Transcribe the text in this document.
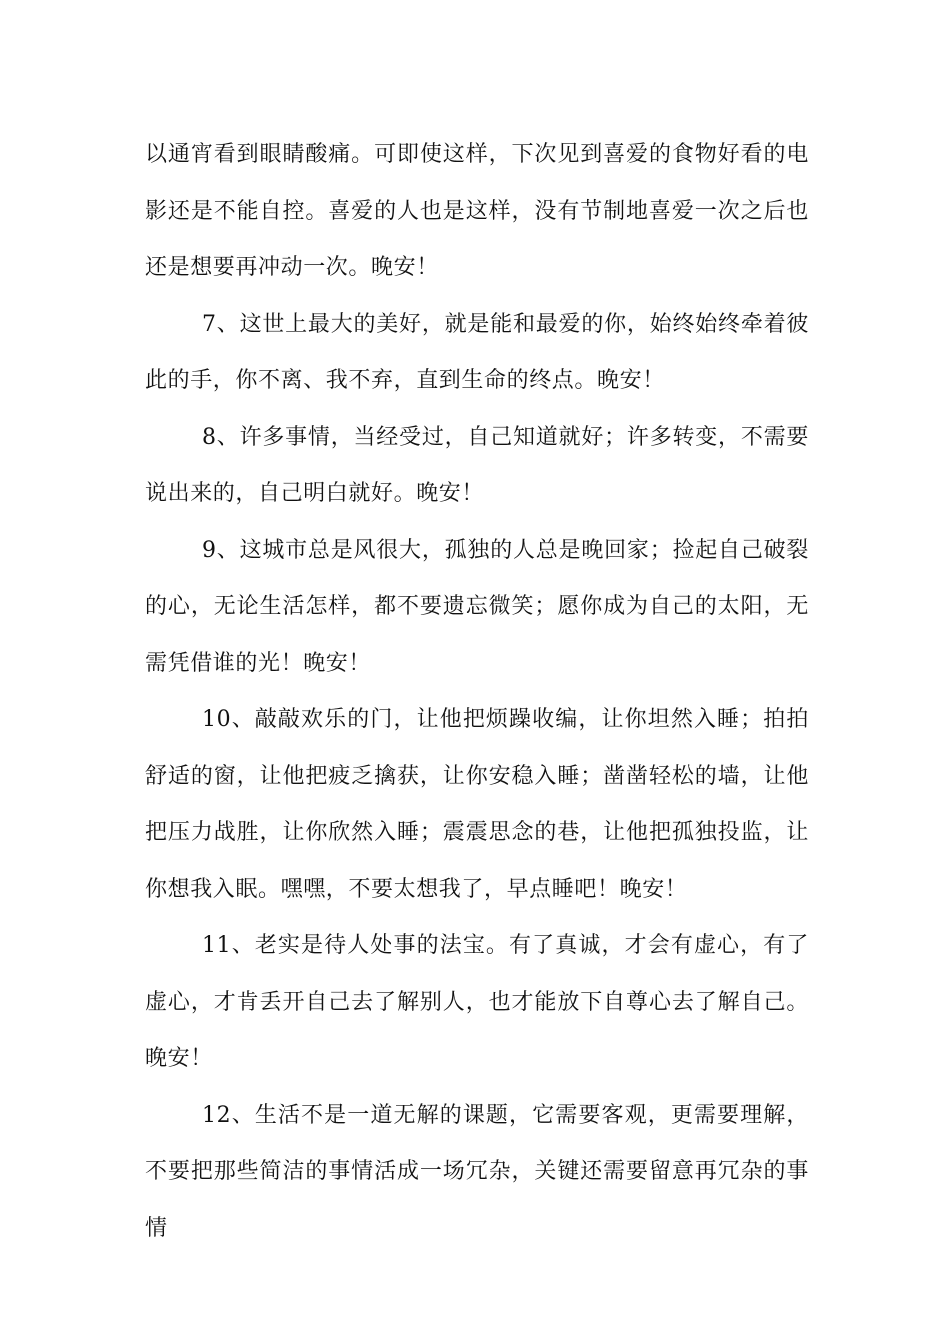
以通宵看到眼睛酸痛。可即使这样，下次见到喜爱的食物好看的电影还是不能自控。喜爱的人也是这样，没有节制地喜爱一次之后也还是想要再冲动一次。晚安！

7、这世上最大的美好，就是能和最爱的你，始终始终牵着彼此的手，你不离、我不弃，直到生命的终点。晚安！

8、许多事情，当经受过，自己知道就好；许多转变，不需要说出来的，自己明白就好。晚安！

9、这城市总是风很大，孤独的人总是晚回家；捡起自己破裂的心，无论生活怎样，都不要遗忘微笑；愿你成为自己的太阳，无需凭借谁的光！晚安！

10、敲敲欢乐的门，让他把烦躁收编，让你坦然入睡；拍拍舒适的窗，让他把疲乏擒获，让你安稳入睡；凿凿轻松的墙，让他把压力战胜，让你欣然入睡；震震思念的巷，让他把孤独投监，让你想我入眠。嘿嘿，不要太想我了，早点睡吧！晚安！

11、老实是待人处事的法宝。有了真诚，才会有虚心，有了虚心，才肯丢开自己去了解别人，也才能放下自尊心去了解自己。晚安！

12、生活不是一道无解的课题，它需要客观，更需要理解，不要把那些简洁的事情活成一场冗杂，关键还需要留意再冗杂的事情
